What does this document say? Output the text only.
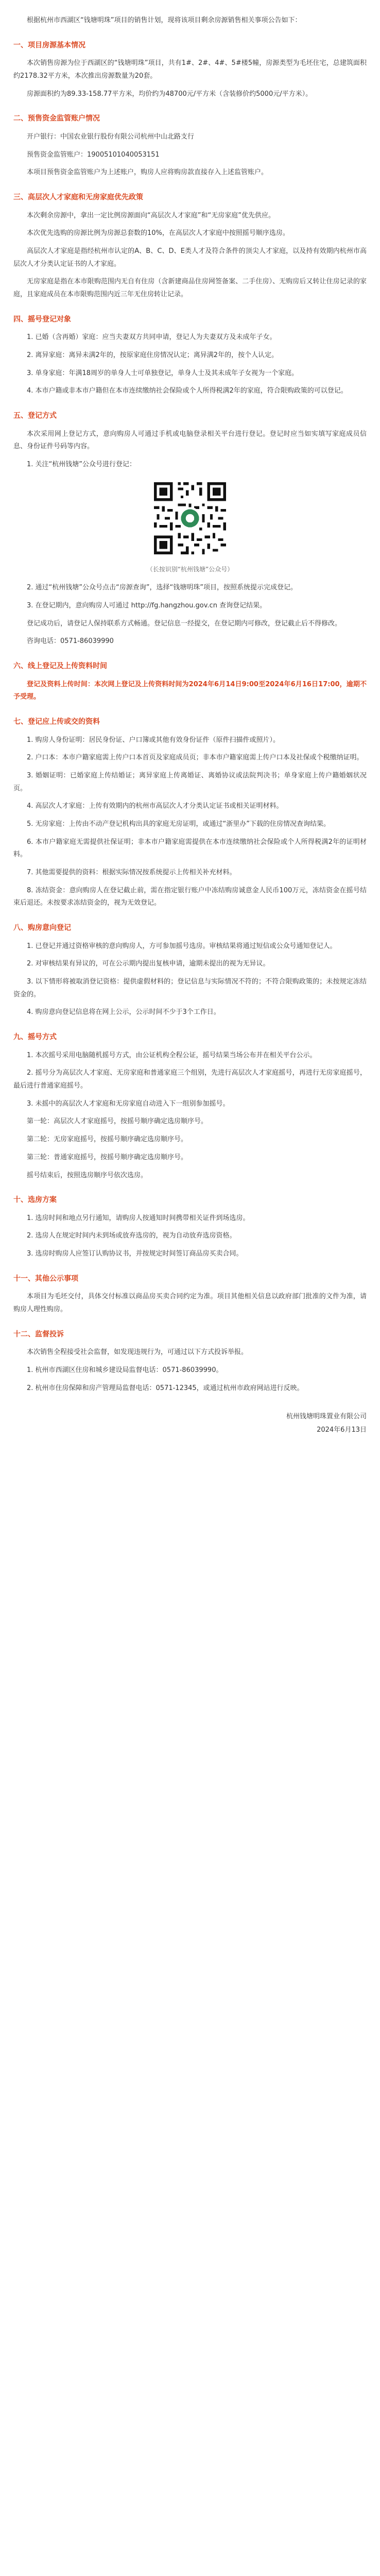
根据杭州市西湖区“钱塘明珠”项目的销售计划，现将该项目剩余房源销售相关事项公告如下：

一、项目房源基本情况

本次销售房源为位于西湖区的“钱塘明珠”项目，共有1#、2#、4#、5#楼5幢，房源类型为毛坯住宅，总建筑面积约2178.32平方米，本次推出房源数量为20套。

房源面积约为89.33-158.77平方米，均价约为48700元/平方米（含装修价约5000元/平方米）。

二、预售资金监管账户情况

开户银行：中国农业银行股份有限公司杭州中山北路支行

预售资金监管账户：19005101040053151

本项目预售资金监管账户为上述账户，购房人应将购房款直接存入上述监管账户。

三、高层次人才家庭和无房家庭优先政策

本次剩余房源中，拿出一定比例房源面向“高层次人才家庭”和“无房家庭”优先供应。

本次优先选购的房源比例为房源总套数的10%，在高层次人才家庭中按照摇号顺序选房。

高层次人才家庭是指经杭州市认定的A、B、C、D、E类人才及符合条件的顶尖人才家庭，以及持有效期内杭州市高层次人才分类认定证书的人才家庭。

无房家庭是指在本市限购范围内无自有住房（含新建商品住房网签备案、二手住房）、无购房后又转让住房记录的家庭，且家庭成员在本市限购范围内近三年无住房转让记录。

四、摇号登记对象

1. 已婚（含再婚）家庭：应当夫妻双方共同申请，登记人为夫妻双方及未成年子女。

2. 离异家庭：离异未满2年的，按原家庭住房情况认定；离异满2年的，按个人认定。

3. 单身家庭：年满18周岁的单身人士可单独登记，单身人士及其未成年子女视为一个家庭。

4. 本市户籍或非本市户籍但在本市连续缴纳社会保险或个人所得税满2年的家庭，符合限购政策的可以登记。

五、登记方式

本次采用网上登记方式，意向购房人可通过手机或电脑登录相关平台进行登记。登记时应当如实填写家庭成员信息、身份证件号码等内容。

1. 关注“杭州钱塘”公众号进行登记：

（长按识别“杭州钱塘”公众号）

2. 通过“杭州钱塘”公众号点击“房源查询”，选择“钱塘明珠”项目，按照系统提示完成登记。

3. 在登记期内，意向购房人可通过 http://fg.hangzhou.gov.cn 查询登记结果。

登记成功后，请登记人保持联系方式畅通。登记信息一经提交，在登记期内可修改，登记截止后不得修改。

咨询电话：0571-86039990

六、线上登记及上传资料时间

登记及资料上传时间：本次网上登记及上传资料时间为2024年6月14日9:00至2024年6月16日17:00，逾期不予受理。

七、登记应上传或交的资料

1. 购房人身份证明：居民身份证、户口簿或其他有效身份证件（原件扫描件或照片）。

2. 户口本：本市户籍家庭需上传户口本首页及家庭成员页；非本市户籍家庭需上传户口本及社保或个税缴纳证明。

3. 婚姻证明：已婚家庭上传结婚证；离异家庭上传离婚证、离婚协议或法院判决书；单身家庭上传户籍婚姻状况页。

4. 高层次人才家庭：上传有效期内的杭州市高层次人才分类认定证书或相关证明材料。

5. 无房家庭：上传由不动产登记机构出具的家庭无房证明，或通过“浙里办”下载的住房情况查询结果。

6. 本市户籍家庭无需提供社保证明；非本市户籍家庭需提供在本市连续缴纳社会保险或个人所得税满2年的证明材料。

7. 其他需要提供的资料：根据实际情况按系统提示上传相关补充材料。

8. 冻结资金：意向购房人在登记截止前，需在指定银行账户中冻结购房诚意金人民币100万元，冻结资金在摇号结束后退还。未按要求冻结资金的，视为无效登记。

八、购房意向登记

1. 已登记并通过资格审核的意向购房人，方可参加摇号选房。审核结果将通过短信或公众号通知登记人。

2. 对审核结果有异议的，可在公示期内提出复核申请，逾期未提出的视为无异议。

3. 以下情形将被取消登记资格：提供虚假材料的；登记信息与实际情况不符的；不符合限购政策的；未按规定冻结资金的。

4. 购房意向登记信息将在网上公示，公示时间不少于3个工作日。

九、摇号方式

1. 本次摇号采用电脑随机摇号方式，由公证机构全程公证，摇号结果当场公布并在相关平台公示。

2. 摇号分为高层次人才家庭、无房家庭和普通家庭三个组别，先进行高层次人才家庭摇号，再进行无房家庭摇号，最后进行普通家庭摇号。

3. 未摇中的高层次人才家庭和无房家庭自动进入下一组别参加摇号。

第一轮：高层次人才家庭摇号，按摇号顺序确定选房顺序号。

第二轮：无房家庭摇号，按摇号顺序确定选房顺序号。

第三轮：普通家庭摇号，按摇号顺序确定选房顺序号。

摇号结束后，按照选房顺序号依次选房。

十、选房方案

1. 选房时间和地点另行通知，请购房人按通知时间携带相关证件到场选房。

2. 选房人在规定时间内未到场或放弃选房的，视为自动放弃选房资格。

3. 选房时购房人应签订认购协议书，并按规定时间签订商品房买卖合同。

十一、其他公示事项

本项目为毛坯交付，具体交付标准以商品房买卖合同约定为准。项目其他相关信息以政府部门批准的文件为准，请购房人理性购房。

十二、监督投诉

本次销售全程接受社会监督，如发现违规行为，可通过以下方式投诉举报。

1. 杭州市西湖区住房和城乡建设局监督电话：0571-86039990。

2. 杭州市住房保障和房产管理局监督电话：0571-12345，或通过杭州市政府网站进行反映。

杭州钱塘明珠置业有限公司
2024年6月13日
